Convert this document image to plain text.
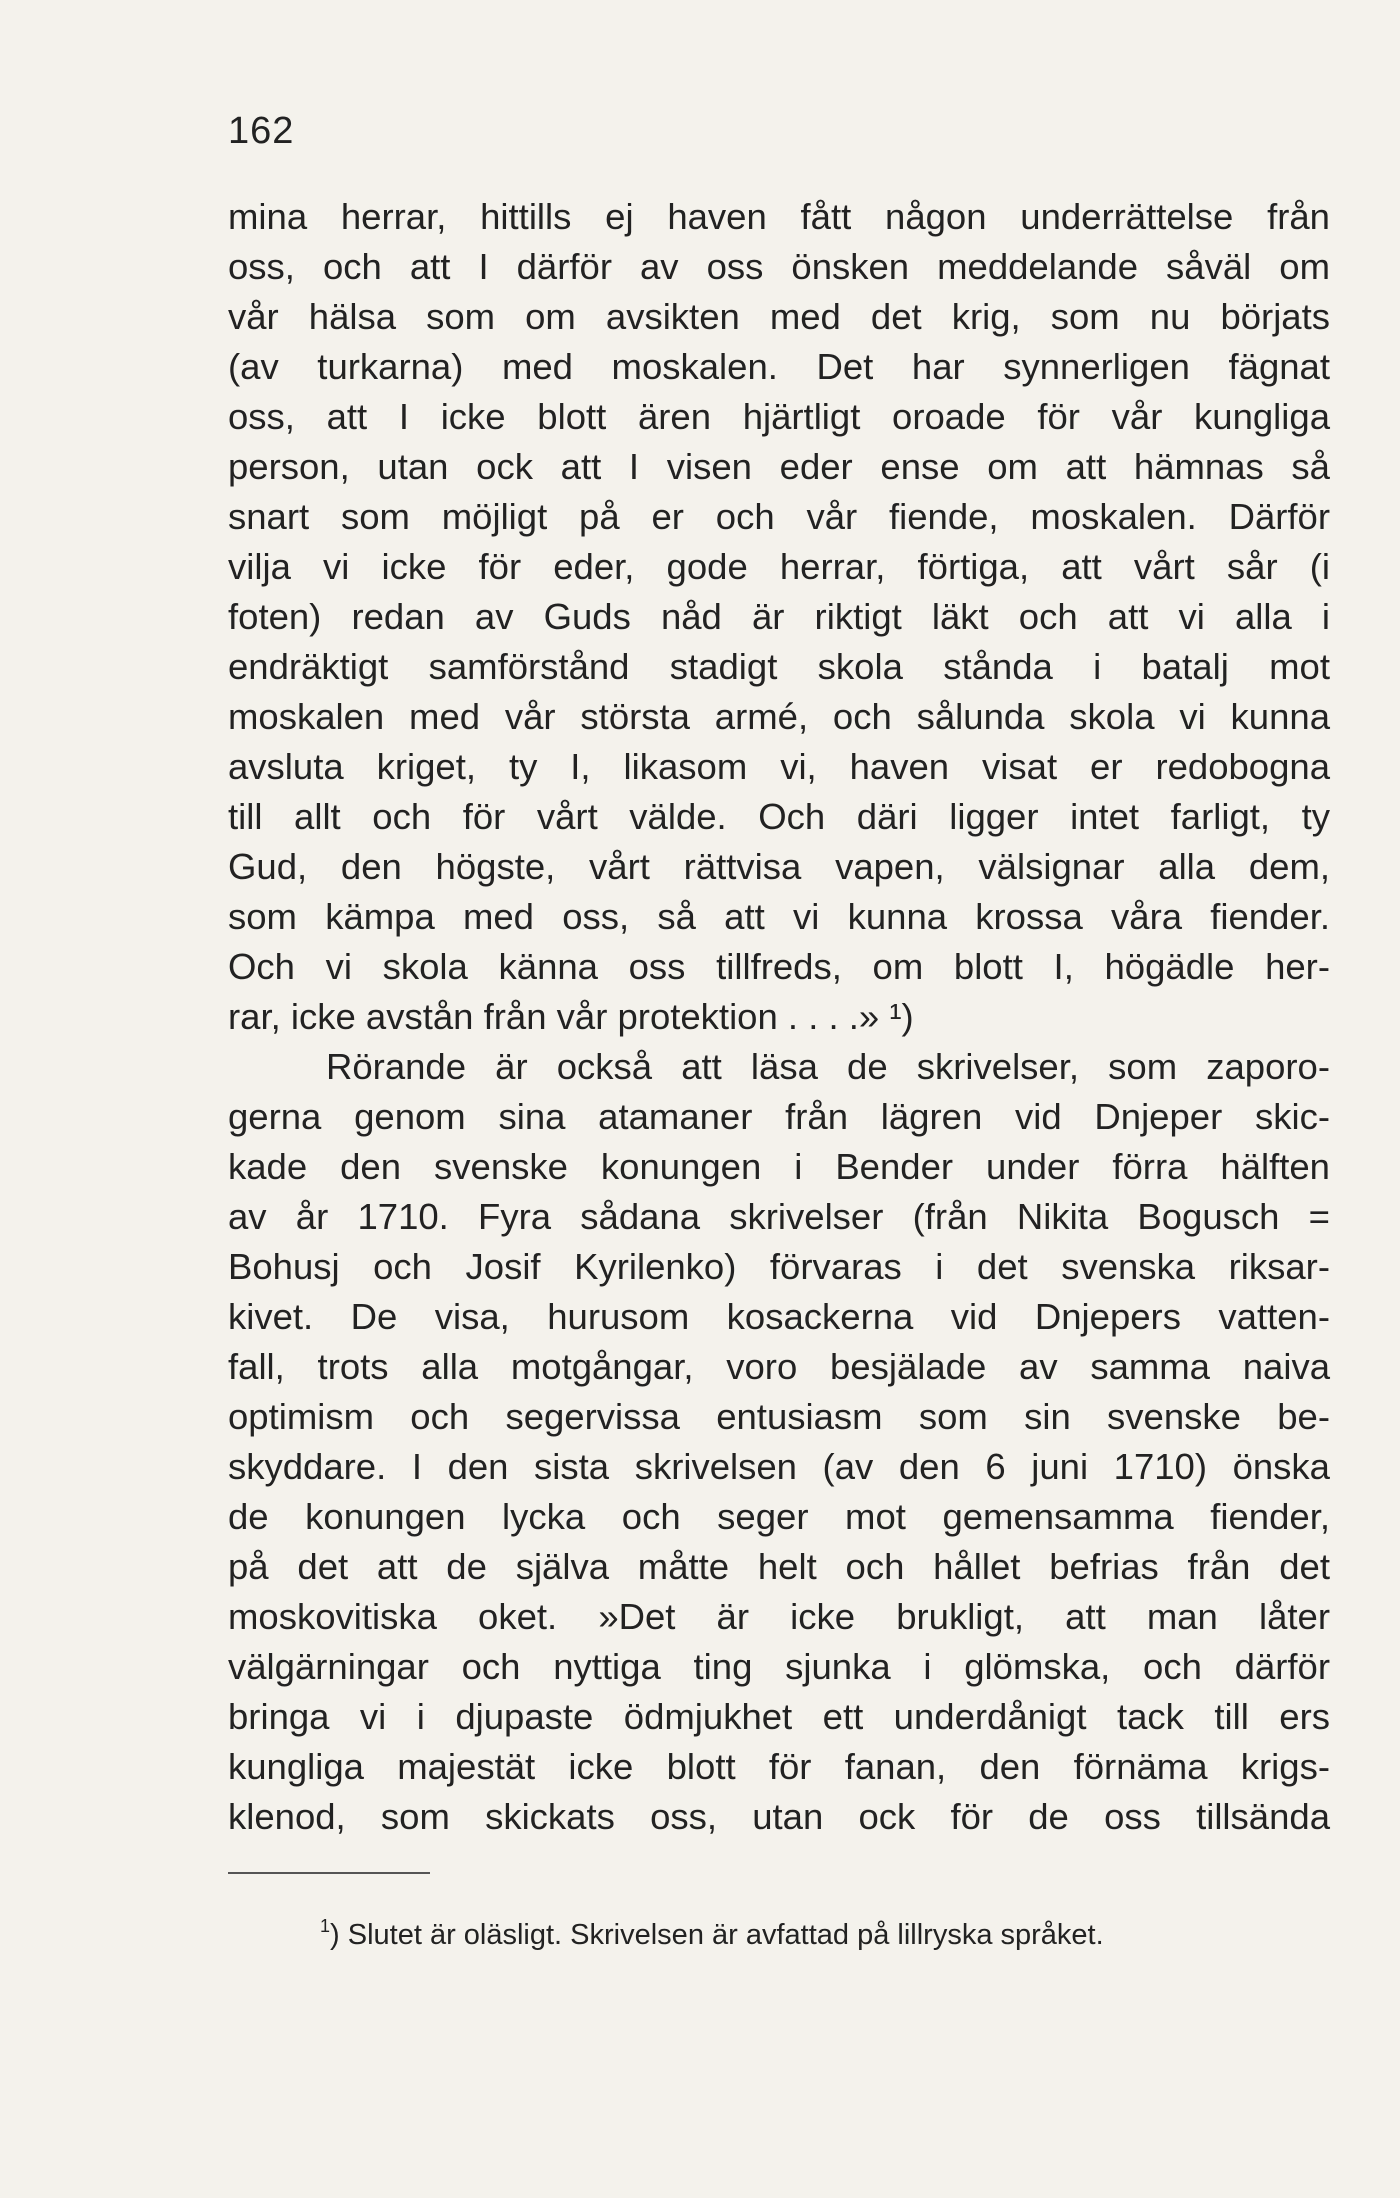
162
mina herrar, hittills ej haven fått någon underrättelse från
oss, och att I därför av oss önsken meddelande såväl om
vår hälsa som om avsikten med det krig, som nu börjats
(av turkarna) med moskalen. Det har synnerligen fägnat
oss, att I icke blott ären hjärtligt oroade för vår kungliga
person, utan ock att I visen eder ense om att hämnas så
snart som möjligt på er och vår fiende, moskalen. Därför
vilja vi icke för eder, gode herrar, förtiga, att vårt sår (i
foten) redan av Guds nåd är riktigt läkt och att vi alla i
endräktigt samförstånd stadigt skola stånda i batalj mot
moskalen med vår största armé, och sålunda skola vi kunna
avsluta kriget, ty I, likasom vi, haven visat er redobogna
till allt och för vårt välde. Och däri ligger intet farligt, ty
Gud, den högste, vårt rättvisa vapen, välsignar alla dem,
som kämpa med oss, så att vi kunna krossa våra fiender.
Och vi skola känna oss tillfreds, om blott I, högädle her-
rar, icke avstån från vår protektion . . . .» ¹)
Rörande är också att läsa de skrivelser, som zaporo-
gerna genom sina atamaner från lägren vid Dnjeper skic-
kade den svenske konungen i Bender under förra hälften
av år 1710. Fyra sådana skrivelser (från Nikita Bogusch =
Bohusj och Josif Kyrilenko) förvaras i det svenska riksar-
kivet. De visa, hurusom kosackerna vid Dnjepers vatten-
fall, trots alla motgångar, voro besjälade av samma naiva
optimism och segervissa entusiasm som sin svenske be-
skyddare. I den sista skrivelsen (av den 6 juni 1710) önska
de konungen lycka och seger mot gemensamma fiender,
på det att de själva måtte helt och hållet befrias från det
moskovitiska oket. »Det är icke brukligt, att man låter
välgärningar och nyttiga ting sjunka i glömska, och därför
bringa vi i djupaste ödmjukhet ett underdånigt tack till ers
kungliga majestät icke blott för fanan, den förnäma krigs-
klenod, som skickats oss, utan ock för de oss tillsända
$^1$) Slutet är oläsligt. Skrivelsen är avfattad på lillryska språket.
